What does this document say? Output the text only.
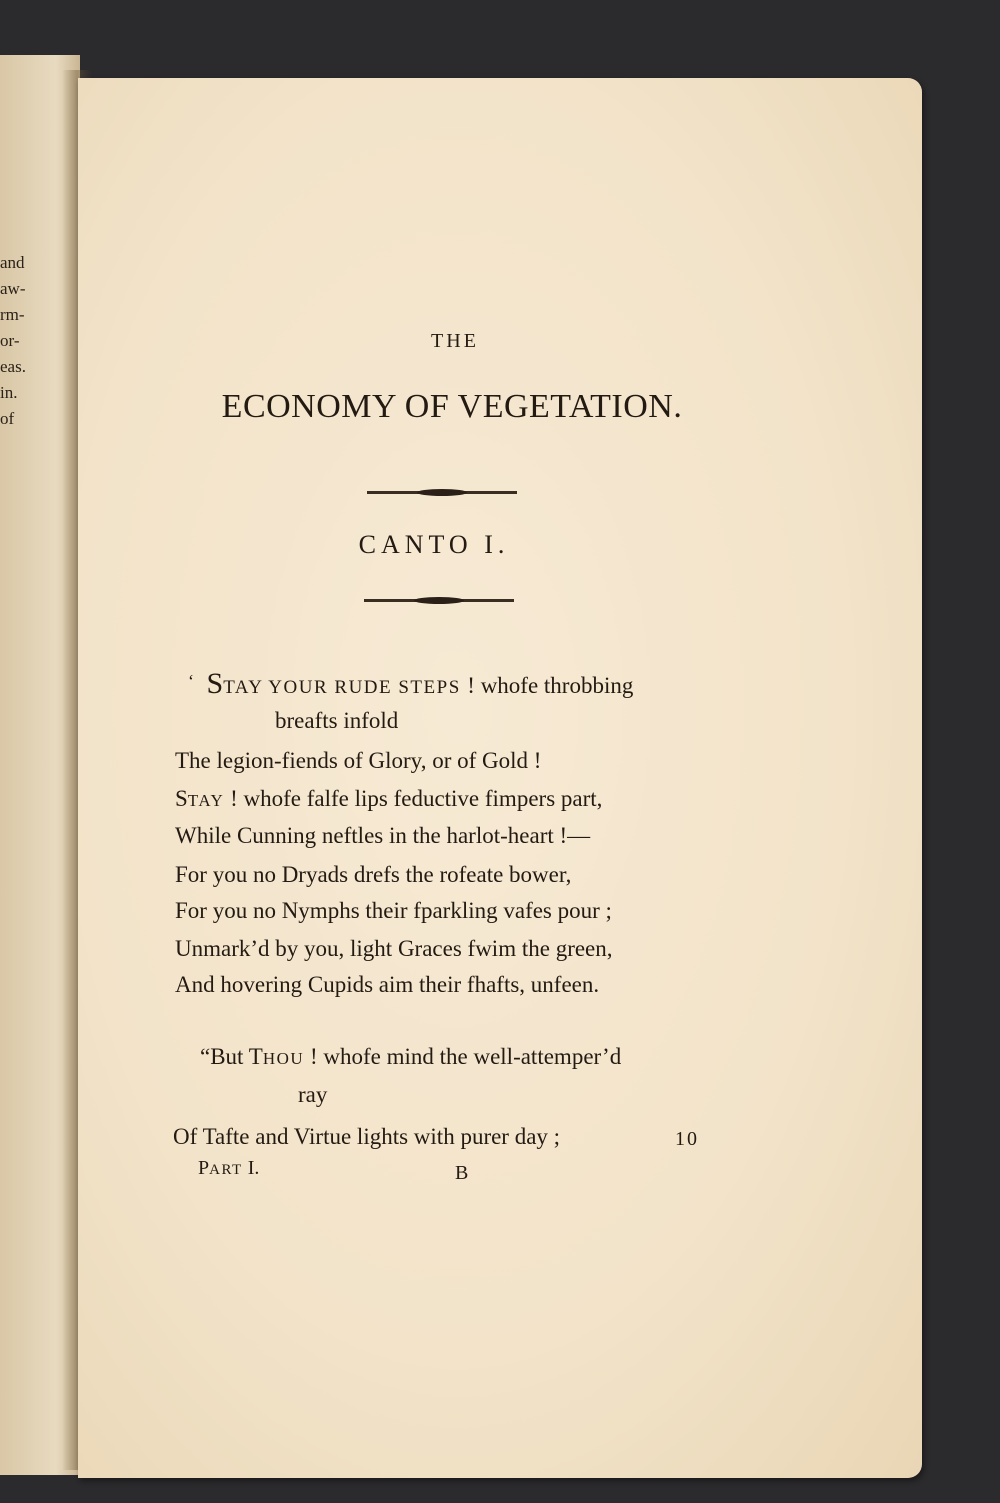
and
aw-
rm-
or-
eas.
in.
of
THE
ECONOMY OF VEGETATION.
CANTO I.
‘ STAY YOUR RUDE STEPS ! whofe throbbing
breafts infold
The legion-fiends of Glory, or of Gold !
STAY ! whofe falfe lips feductive fimpers part,
While Cunning neftles in the harlot-heart !—
For you no Dryads drefs the rofeate bower,
For you no Nymphs their fparkling vafes pour ;
Unmark’d by you, light Graces fwim the green,
And hovering Cupids aim their fhafts, unfeen.
“But THOU ! whofe mind the well-attemper’d
ray
Of Tafte and Virtue lights with purer day ;	10
PART I.	B
